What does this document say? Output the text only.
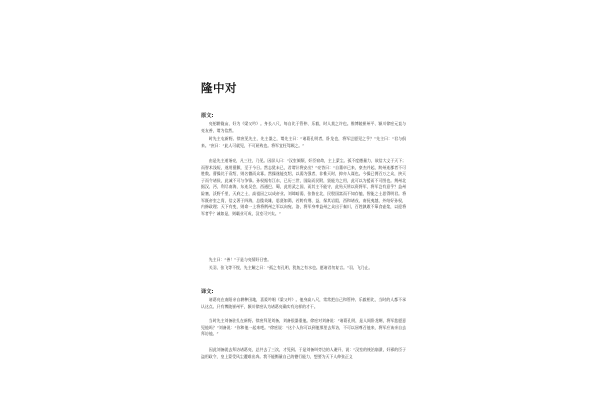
隆中对
原文:
亮躬耕陇亩，好为《梁父吟》。身长八尺，每自比于管仲、乐毅，时人莫之许也。惟博陵崔州平、颍川徐庶元直与亮友善，谓为信然。
时先主屯新野。徐庶见先主，先主器之，谓先主曰：“诸葛孔明者，卧龙也，将军岂愿见之乎？”先主曰：“君与俱来。”庶曰：“此人可就见，不可屈致也。将军宜枉驾顾之。”
由是先主遂诣亮，凡三往，乃见。因屏人曰：“汉室倾颓，奸臣窃命，主上蒙尘。孤不度德量力，欲信大义于天下；而智术浅短，遂用猖獗，至于今日。然志犹未已，君谓计将安出？”亮答曰：“自董卓已来，豪杰并起，跨州连郡者不可胜数。曹操比于袁绍，则名微而众寡。然操遂能克绍，以弱为强者，非惟天时，抑亦人谋也。今操已拥百万之众，挟天子而令诸侯，此诚不可与争锋。孙权据有江东，已历三世，国险而民附，贤能为之用，此可以为援而不可图也。荆州北据汉、沔，利尽南海，东连吴会，西通巴、蜀，此用武之国，而其主不能守，此殆天所以资将军，将军岂有意乎？益州险塞，沃野千里，天府之土，高祖因之以成帝业。刘璋暗弱，张鲁在北，民殷国富而不知存恤，智能之士思得明君。将军既帝室之胄，信义著于四海，总揽英雄，思贤如渴，若跨有荆、益，保其岩阻，西和诸戎，南抚夷越，外结好孙权，内修政理；天下有变，则命一上将将荆州之军以向宛、洛，将军身率益州之众出于秦川，百姓孰敢不箪食壶浆，以迎将军者乎？诚如是，则霸业可成，汉室可兴矣。”
先主曰：“善！”于是与亮情好日密。
关羽、张飞等不悦，先主解之曰：“孤之有孔明，犹鱼之有水也。愿诸君勿复言。”羽、飞乃止。
译文:
诸葛亮在南阳亲自耕种田地，喜爱吟唱《梁父吟》。他身高八尺，常常把自己和管仲、乐毅相比，当时的人都不承认这点。只有博陵崔州平，颍川徐庶认为诸葛亮确实有这样的才干。
当时先主刘备驻扎在新野。徐庶拜见刘备，刘备很器重他。徐庶对刘备说：“诸葛孔明，是人间卧龙啊，将军您愿意见他吗？”刘备说：“你和他一起来吧。”徐庶说：“这个人你可以到他那里去拜访，不可以屈尊召他来，将军应该亲自去拜访他。”
因此刘备就去拜访诸葛亮，总共去了三次，才见到。于是刘备叫旁边的人避开，说：“汉室的统治崩溃，奸邪的臣子盗用政令，皇上蒙受风尘遭难出奔。我不能衡量自己的德行能力，想要为天下人伸张正义
